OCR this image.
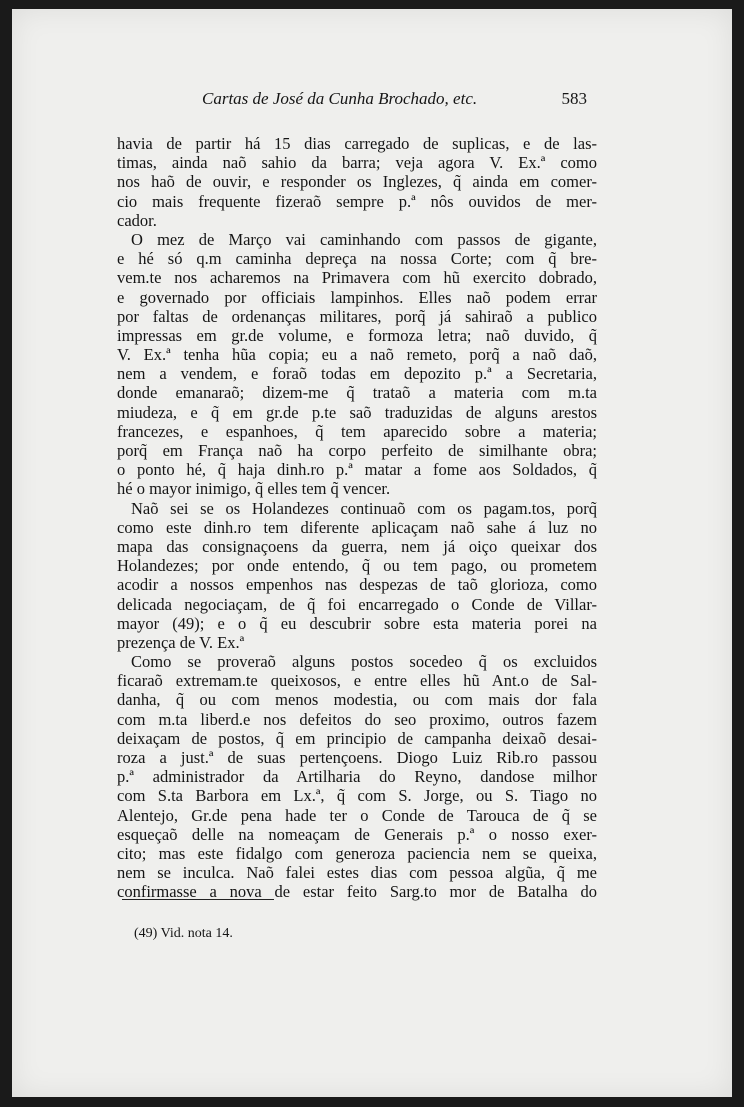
Cartas de José da Cunha Brochado, etc.	583
havia de partir há 15 dias carregado de suplicas, e de las-
timas, ainda naõ sahio da barra; veja agora V. Ex.ª como
nos haõ de ouvir, e responder os Inglezes, q̃ ainda em comer-
cio mais frequente fizeraõ sempre p.ª nôs ouvidos de mer-
cador.
O mez de Março vai caminhando com passos de gigante,
e hé só q.m caminha depreça na nossa Corte; com q̃ bre-
vem.te nos acharemos na Primavera com hũ exercito dobrado,
e governado por officiais lampinhos. Elles naõ podem errar
por faltas de ordenanças militares, porq̃ já sahiraõ a publico
impressas em gr.de volume, e formoza letra; naõ duvido, q̃
V. Ex.ª tenha hũa copia; eu a naõ remeto, porq̃ a naõ daõ,
nem a vendem, e foraõ todas em depozito p.ª a Secretaria,
donde emanaraõ; dizem-me q̃ trataõ a materia com m.ta
miudeza, e q̃ em gr.de p.te saõ traduzidas de alguns arestos
francezes, e espanhoes, q̃ tem aparecido sobre a materia;
porq̃ em França naõ ha corpo perfeito de similhante obra;
o ponto hé, q̃ haja dinh.ro p.ª matar a fome aos Soldados, q̃
hé o mayor inimigo, q̃ elles tem q̃ vencer.
Naõ sei se os Holandezes continuaõ com os pagam.tos, porq̃
como este dinh.ro tem diferente aplicaçam naõ sahe á luz no
mapa das consignaçoens da guerra, nem já oiço queixar dos
Holandezes; por onde entendo, q̃ ou tem pago, ou prometem
acodir a nossos empenhos nas despezas de taõ glorioza, como
delicada negociaçam, de q̃ foi encarregado o Conde de Villar-
mayor (49); e o q̃ eu descubrir sobre esta materia porei na
prezença de V. Ex.ª
Como se proveraõ alguns postos socedeo q̃ os excluidos
ficaraõ extremam.te queixosos, e entre elles hũ Ant.o de Sal-
danha, q̃ ou com menos modestia, ou com mais dor fala
com m.ta liberd.e nos defeitos do seo proximo, outros fazem
deixaçam de postos, q̃ em principio de campanha deixaõ desai-
roza a just.ª de suas pertençoens. Diogo Luiz Rib.ro passou
p.ª administrador da Artilharia do Reyno, dandose milhor
com S.ta Barbora em Lx.ª, q̃ com S. Jorge, ou S. Tiago no
Alentejo, Gr.de pena hade ter o Conde de Tarouca de q̃ se
esqueçaõ delle na nomeaçam de Generais p.ª o nosso exer-
cito; mas este fidalgo com generoza paciencia nem se queixa,
nem se inculca. Naõ falei estes dias com pessoa algũa, q̃ me
confirmasse a nova de estar feito Sarg.to mor de Batalha do
(49) Vid. nota 14.
